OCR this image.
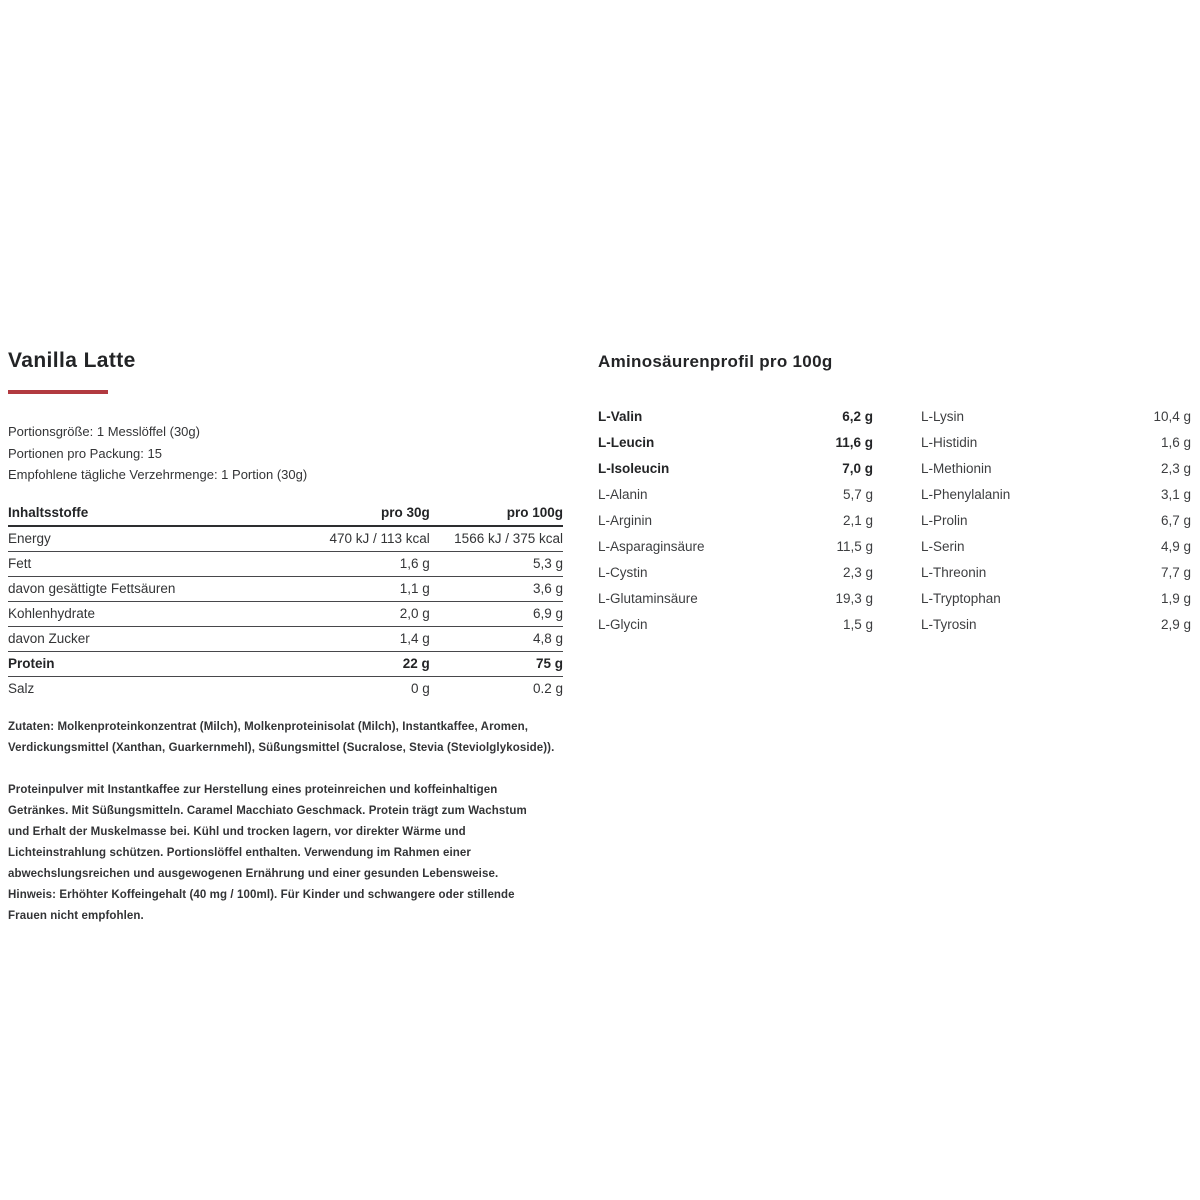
Vanilla Latte
Portionsgröße: 1 Messlöffel (30g)
Portionen pro Packung: 15
Empfohlene tägliche Verzehrmenge: 1 Portion (30g)
Inhaltsstoffe	pro 30g	pro 100g
Energy	470 kJ / 113 kcal	1566 kJ / 375 kcal
Fett	1,6 g	5,3 g
davon gesättigte Fettsäuren	1,1 g	3,6 g
Kohlenhydrate	2,0 g	6,9 g
davon Zucker	1,4 g	4,8 g
Protein	22 g	75 g
Salz	0 g	0.2 g
Zutaten: Molkenproteinkonzentrat (Milch), Molkenproteinisolat (Milch), Instantkaffee, Aromen, Verdickungsmittel (Xanthan, Guarkernmehl), Süßungsmittel (Sucralose, Stevia (Steviolglykoside)).
Proteinpulver mit Instantkaffee zur Herstellung eines proteinreichen und koffeinhaltigen Getränkes. Mit Süßungsmitteln. Caramel Macchiato Geschmack. Protein trägt zum Wachstum und Erhalt der Muskelmasse bei. Kühl und trocken lagern, vor direkter Wärme und Lichteinstrahlung schützen. Portionslöffel enthalten. Verwendung im Rahmen einer abwechslungsreichen und ausgewogenen Ernährung und einer gesunden Lebensweise. Hinweis: Erhöhter Koffeingehalt (40 mg / 100ml). Für Kinder und schwangere oder stillende Frauen nicht empfohlen.
Aminosäurenprofil pro 100g
L-Valin	6,2 g
L-Leucin	11,6 g
L-Isoleucin	7,0 g
L-Alanin	5,7 g
L-Arginin	2,1 g
L-Asparaginsäure	11,5 g
L-Cystin	2,3 g
L-Glutaminsäure	19,3 g
L-Glycin	1,5 g
L-Lysin	10,4 g
L-Histidin	1,6 g
L-Methionin	2,3 g
L-Phenylalanin	3,1 g
L-Prolin	6,7 g
L-Serin	4,9 g
L-Threonin	7,7 g
L-Tryptophan	1,9 g
L-Tyrosin	2,9 g
